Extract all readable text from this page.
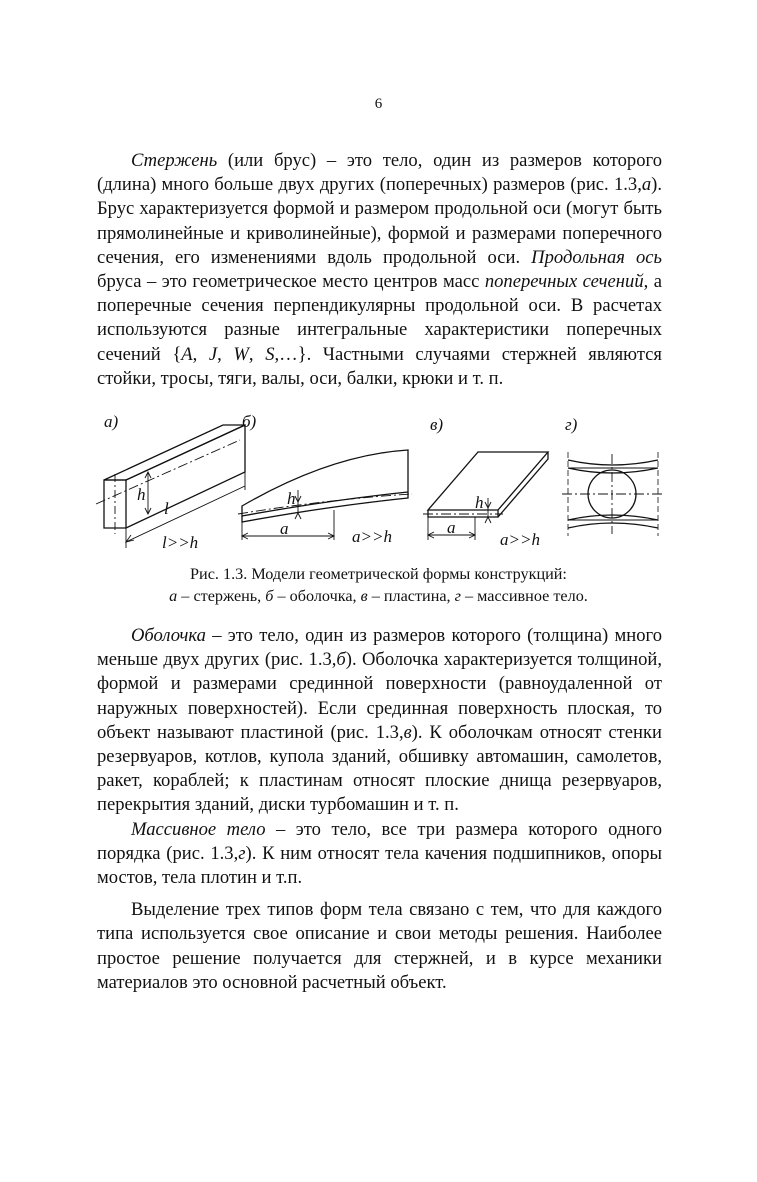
6

Стержень (или брус) – это тело, один из размеров которого (длина) много больше двух других (поперечных) размеров (рис. 1.3,а). Брус характеризуется формой и размером продольной оси (могут быть прямолинейные и криволинейные), формой и размерами поперечного сечения, его изменениями вдоль продольной оси. Продольная ось бруса – это геометрическое место центров масс поперечных сечений, а поперечные сечения перпендикулярны продольной оси. В расчетах используются разные интегральные характеристики поперечных сечений {A, J, W, S,…}. Частными случаями стержней являются стойки, тросы, тяги, валы, оси, балки, крюки и т. п.

а)	б)	в)	г)
h
l
l>>h
h
a	a>>h
h
a
a>>h
Рис. 1.3. Модели геометрической формы конструкций:
а – стержень, б – оболочка, в – пластина, г – массивное тело.

Оболочка – это тело, один из размеров которого (толщина) много меньше двух других (рис. 1.3,б). Оболочка характеризуется толщиной, формой и размерами срединной поверхности (равноудаленной от наружных поверхностей). Если срединная поверхность плоская, то объект называют пластиной (рис. 1.3,в). К оболочкам относят стенки резервуаров, котлов, купола зданий, обшивку автомашин, самолетов, ракет, кораблей; к пластинам относят плоские днища резервуаров, перекрытия зданий, диски турбомашин и т. п.

Массивное тело – это тело, все три размера которого одного порядка (рис. 1.3,г). К ним относят тела качения подшипников, опоры мостов, тела плотин и т.п.

Выделение трех типов форм тела связано с тем, что для каждого типа используется свое описание и свои методы решения. Наиболее простое решение получается для стержней, и в курсе механики материалов это основной расчетный объект.
